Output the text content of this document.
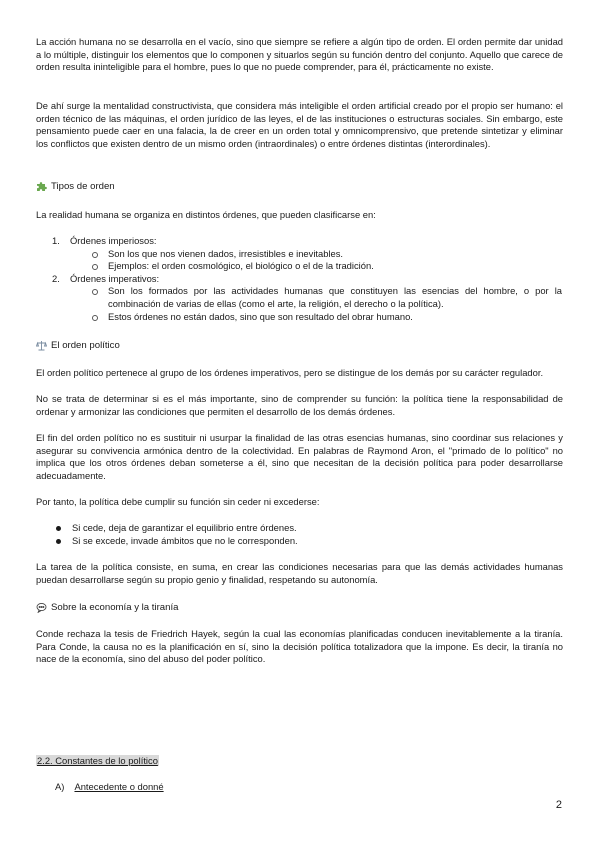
La acción humana no se desarrolla en el vacío, sino que siempre se refiere a algún tipo de orden. El orden permite dar unidad a lo múltiple, distinguir los elementos que lo componen y situarlos según su función dentro del conjunto. Aquello que carece de orden resulta ininteligible para el hombre, pues lo que no puede comprender, para él, prácticamente no existe.

De ahí surge la mentalidad constructivista, que considera más inteligible el orden artificial creado por el propio ser humano: el orden técnico de las máquinas, el orden jurídico de las leyes, el de las instituciones o estructuras sociales. Sin embargo, este pensamiento puede caer en una falacia, la de creer en un orden total y omnicomprensivo, que pretende sintetizar y eliminar los conflictos que existen dentro de un mismo orden (intraordinales) o entre órdenes distintas (interordinales).

Tipos de orden

La realidad humana se organiza en distintos órdenes, que pueden clasificarse en:

1. Órdenes imperiosos:
Son los que nos vienen dados, irresistibles e inevitables.
Ejemplos: el orden cosmológico, el biológico o el de la tradición.
2. Órdenes imperativos:
Son los formados por las actividades humanas que constituyen las esencias del hombre, o por la combinación de varias de ellas (como el arte, la religión, el derecho o la política).
Estos órdenes no están dados, sino que son resultado del obrar humano.
El orden político

El orden político pertenece al grupo de los órdenes imperativos, pero se distingue de los demás por su carácter regulador.

No se trata de determinar si es el más importante, sino de comprender su función: la política tiene la responsabilidad de ordenar y armonizar las condiciones que permiten el desarrollo de los demás órdenes.

El fin del orden político no es sustituir ni usurpar la finalidad de las otras esencias humanas, sino coordinar sus relaciones y asegurar su convivencia armónica dentro de la colectividad. En palabras de Raymond Aron, el "primado de lo político" no implica que los otros órdenes deban someterse a él, sino que necesitan de la decisión política para poder desarrollarse adecuadamente.

Por tanto, la política debe cumplir su función sin ceder ni excederse:

Si cede, deja de garantizar el equilibrio entre órdenes.
Si se excede, invade ámbitos que no le corresponden.

La tarea de la política consiste, en suma, en crear las condiciones necesarias para que las demás actividades humanas puedan desarrollarse según su propio genio y finalidad, respetando su autonomía.

Sobre la economía y la tiranía

Conde rechaza la tesis de Friedrich Hayek, según la cual las economías planificadas conducen inevitablemente a la tiranía. Para Conde, la causa no es la planificación en sí, sino la decisión política totalizadora que la impone. Es decir, la tiranía no nace de la economía, sino del abuso del poder político.

2.2. Constantes de lo político
A) Antecedente o donné
2
